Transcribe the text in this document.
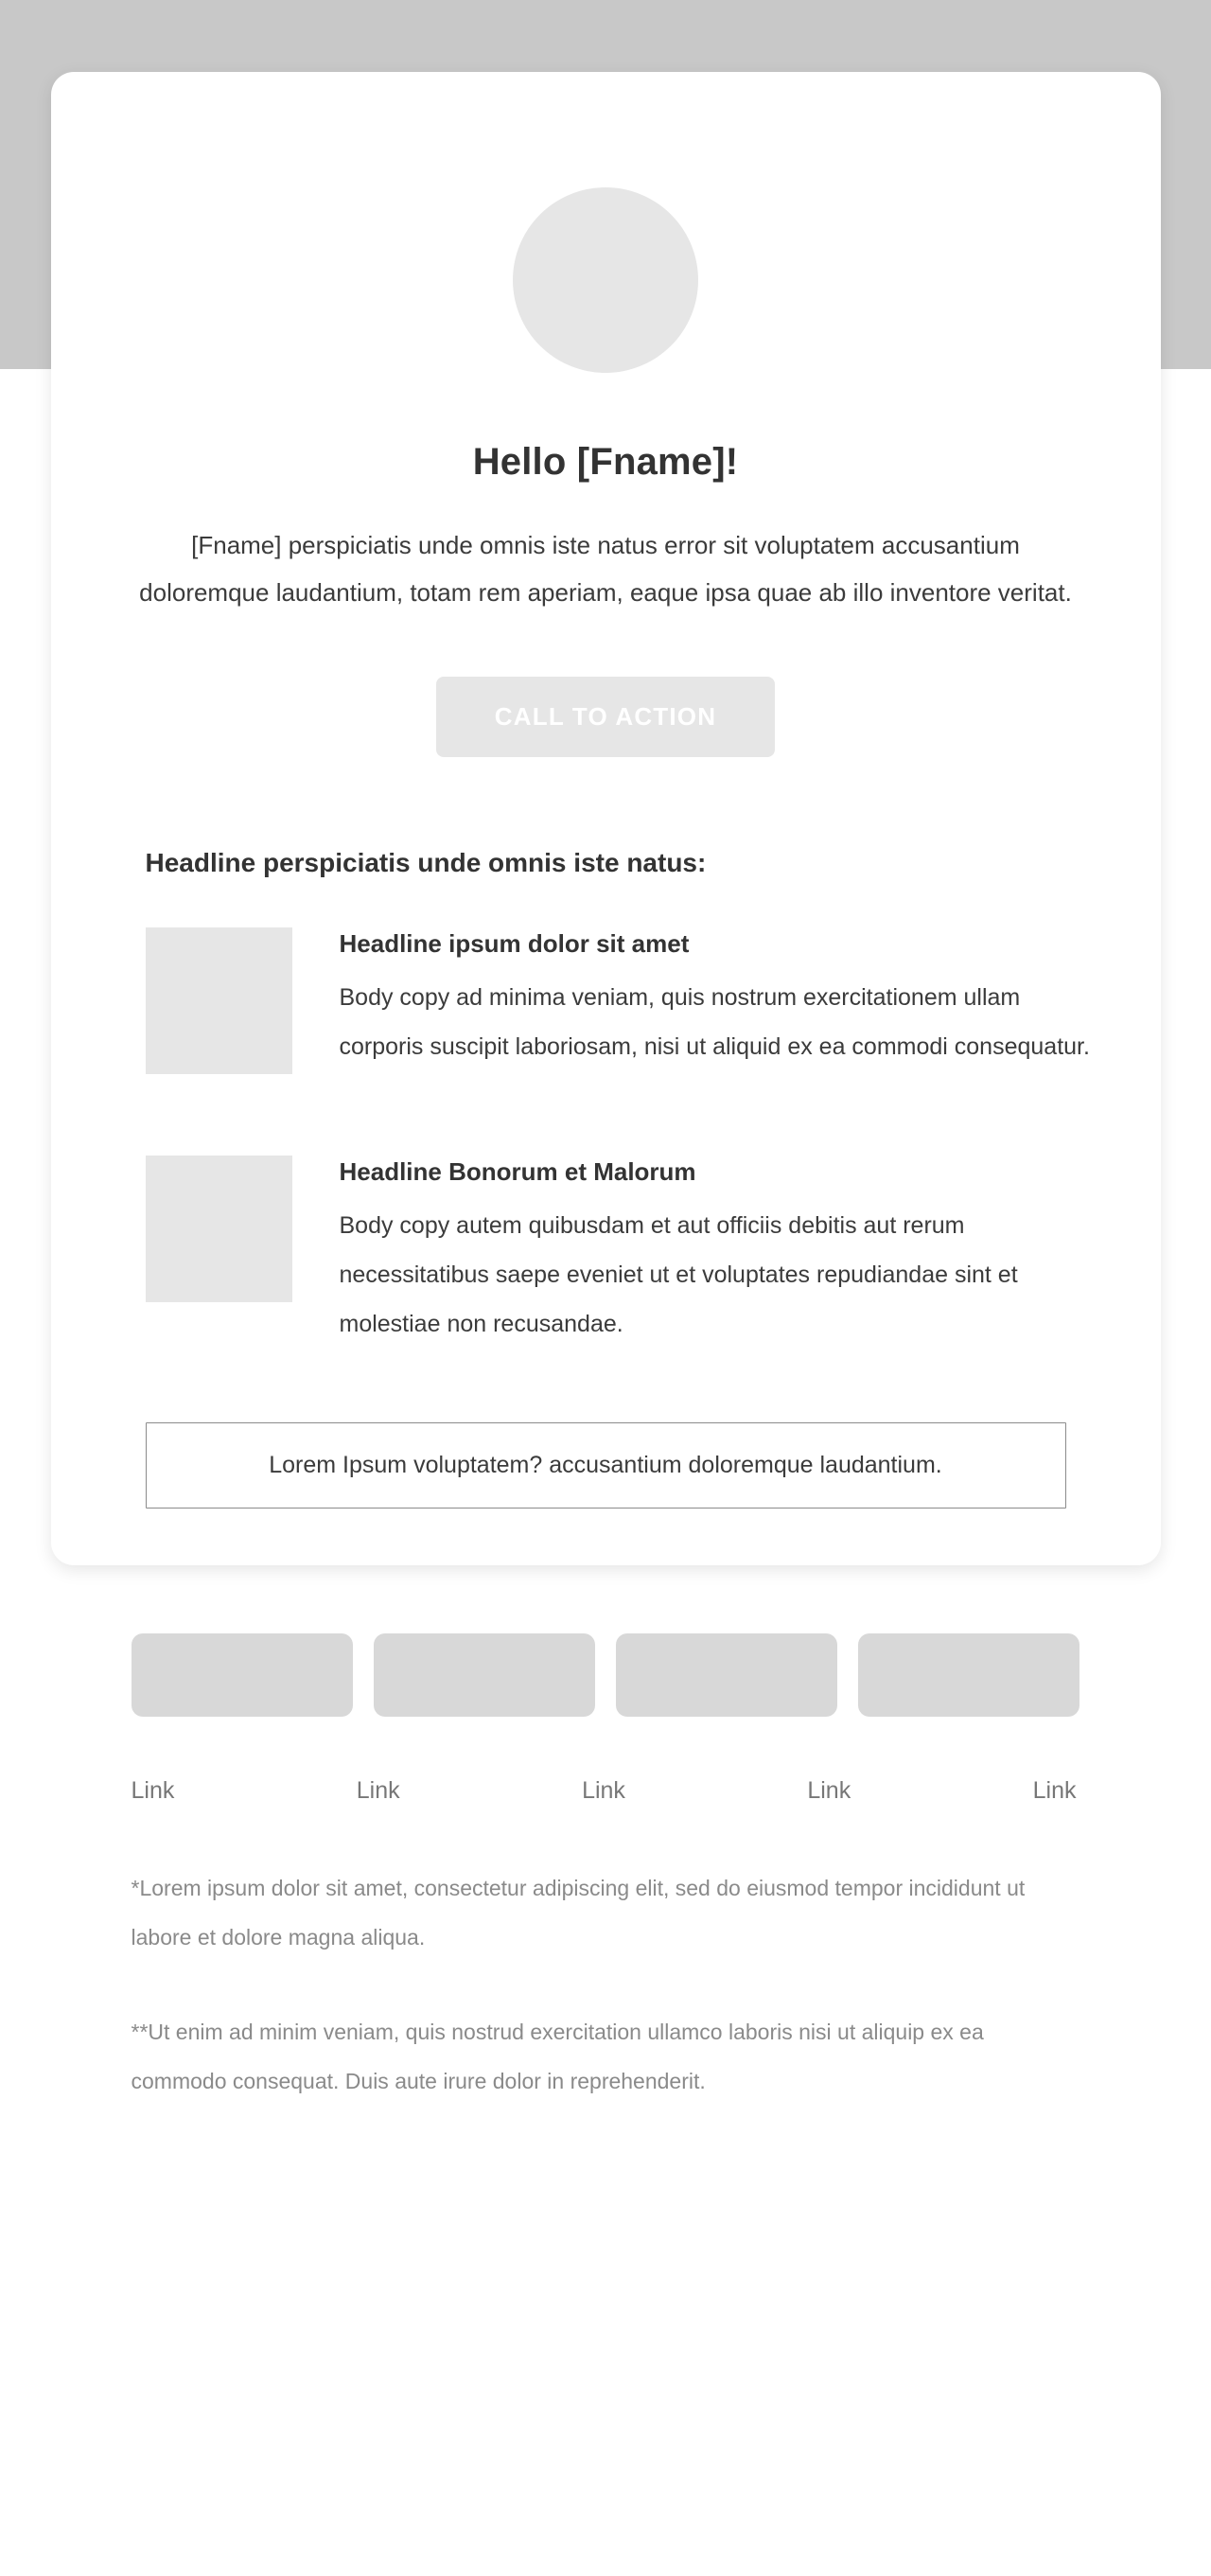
Hello [Fname]!

[Fname] perspiciatis unde omnis iste natus error sit voluptatem accusantium doloremque laudantium, totam rem aperiam, eaque ipsa quae ab illo inventore veritat.

CALL TO ACTION
Headline perspiciatis unde omnis iste natus:
Headline ipsum dolor sit amet

Body copy ad minima veniam, quis nostrum exercitationem ullam corporis suscipit laboriosam, nisi ut aliquid ex ea commodi consequatur.

Headline Bonorum et Malorum

Body copy autem quibusdam et aut officiis debitis aut rerum necessitatibus saepe eveniet ut et voluptates repudiandae sint et molestiae non recusandae.

Lorem Ipsum voluptatem? accusantium doloremque laudantium.
Link	Link	Link	Link	Link

*Lorem ipsum dolor sit amet, consectetur adipiscing elit, sed do eiusmod tempor incididunt ut labore et dolore magna aliqua.

**Ut enim ad minim veniam, quis nostrud exercitation ullamco laboris nisi ut aliquip ex ea commodo consequat. Duis aute irure dolor in reprehenderit.
